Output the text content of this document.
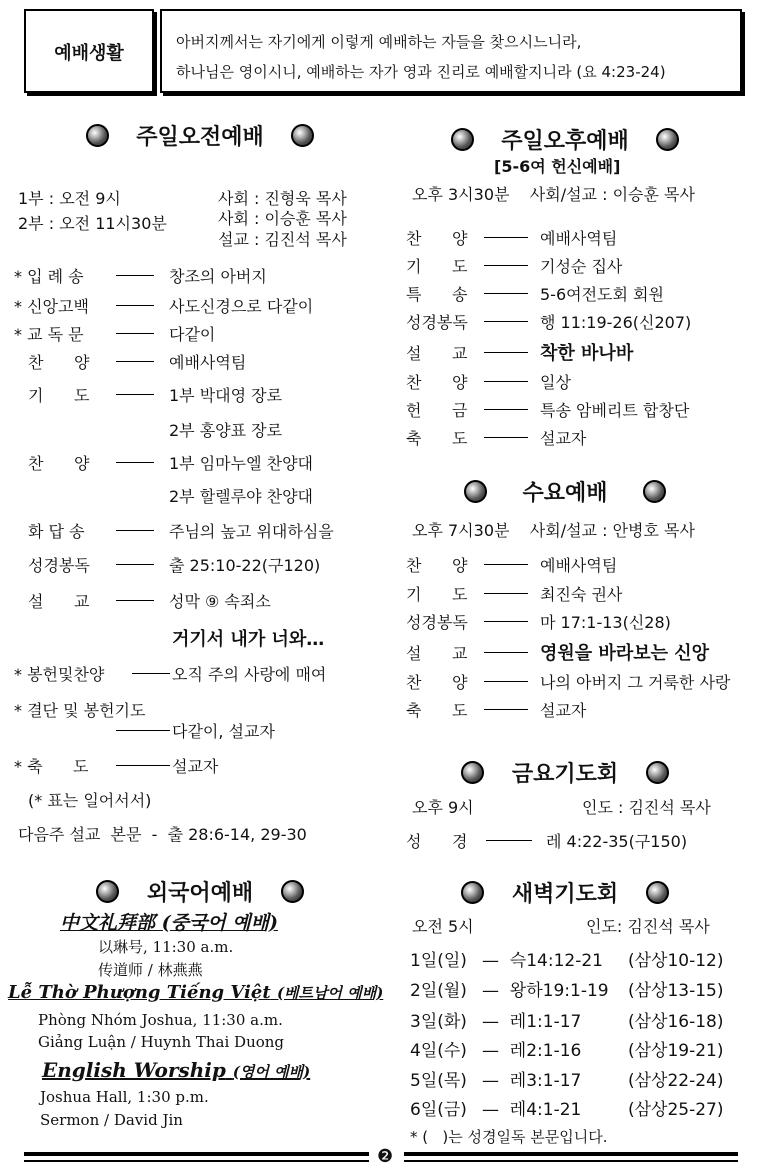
예배생활
아버지께서는 자기에게 이렇게 예배하는 자들을 찾으시느니라,
하나님은 영이시니, 예배하는 자가 영과 진리로 예배할지니라 (요 4:23-24)
주일오전예배
1부 : 오전 9시
2부 : 오전 11시30분
사회 : 진형욱 목사
사회 : 이승훈 목사
설교 : 김진석 목사
* 입 례 송	창조의 아버지
* 신앙고백	사도신경으로 다같이
* 교 독 문	다같이
찬      양	예배사역팀
기      도	1부 박대영 장로
2부 홍양표 장로
찬      양	1부 임마누엘 찬양대
2부 할렐루야 찬양대
화 답 송	주님의 높고 위대하심을
성경봉독	출 25:10-22(구120)
설      교	성막 ⑨ 속죄소
거기서 내가 너와…
* 봉헌및찬양	오직 주의 사랑에 매여
* 결단 및 봉헌기도
다같이, 설교자
* 축      도	설교자
(* 표는 일어서서)
다음주 설교  본문  -  출 28:6-14, 29-30
외국어예배
中文礼拜部 (중국어 예배)
以琳号, 11:30 a.m.
传道师 / 林燕燕
Lễ Thờ Phượng Tiếng Việt (베트남어 예배)
Phòng Nhóm Joshua, 11:30 a.m.
Giảng Luận / Huynh Thai Duong
English Worship (영어 예배)
Joshua Hall, 1:30 p.m.
Sermon / David Jin
주일오후예배
[5-6여 헌신예배]
오후 3시30분    사회/설교 : 이승훈 목사
찬      양	예배사역팀
기      도	기성순 집사
특      송	5-6여전도회 회원
성경봉독	행 11:19-26(신207)
설      교	착한 바나바
찬      양	일상
헌      금	특송 암베리트 합창단
축      도	설교자
수요예배
오후 7시30분    사회/설교 : 안병호 목사
찬      양	예배사역팀
기      도	최진숙 권사
성경봉독	마 17:1-13(신28)
설      교	영원을 바라보는 신앙
찬      양	나의 아버지 그 거룩한 사랑
축      도	설교자
금요기도회
오후 9시	인도 : 김진석 목사
성      경	레 4:22-35(구150)
새벽기도회
오전 5시	인도: 김진석 목사
1일(일) —  슥14:12-21 (삼상10-12)
2일(월) —  왕하19:1-19 (삼상13-15)
3일(화) —  레1:1-17	(삼상16-18)
4일(수) —  레2:1-16	(삼상19-21)
5일(목) —  레3:1-17	(삼상22-24)
6일(금) —  레4:1-21	(삼상25-27)
* (   )는 성경일독 본문입니다.
❷
